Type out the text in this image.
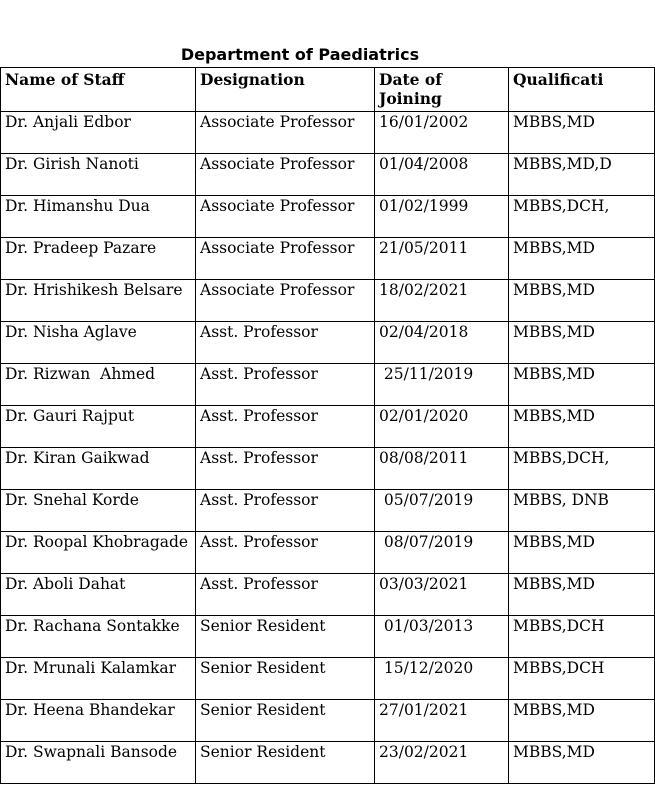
Department of Paediatrics
	Name of Staff	Designation	Date of Joining	Qualificati
	Dr. Anjali Edbor	Associate Professor	16/01/2002	MBBS,MD
	Dr. Girish Nanoti	Associate Professor	01/04/2008	MBBS,MD,D
	Dr. Himanshu Dua	Associate Professor	01/02/1999	MBBS,DCH,
	Dr. Pradeep Pazare	Associate Professor	21/05/2011	MBBS,MD
	Dr. Hrishikesh Belsare	Associate Professor	18/02/2021	MBBS,MD
	Dr. Nisha Aglave	Asst. Professor	02/04/2018	MBBS,MD
	Dr. Rizwan  Ahmed	Asst. Professor	25/11/2019	MBBS,MD
	Dr. Gauri Rajput	Asst. Professor	02/01/2020	MBBS,MD
	Dr. Kiran Gaikwad	Asst. Professor	08/08/2011	MBBS,DCH,
	Dr. Snehal Korde	Asst. Professor	05/07/2019	MBBS, DNB
	Dr. Roopal Khobragade	Asst. Professor	08/07/2019	MBBS,MD
	Dr. Aboli Dahat	Asst. Professor	03/03/2021	MBBS,MD
	Dr. Rachana Sontakke	Senior Resident	01/03/2013	MBBS,DCH
	Dr. Mrunali Kalamkar	Senior Resident	15/12/2020	MBBS,DCH
	Dr. Heena Bhandekar	Senior Resident	27/01/2021	MBBS,MD
	Dr. Swapnali Bansode	Senior Resident	23/02/2021	MBBS,MD
